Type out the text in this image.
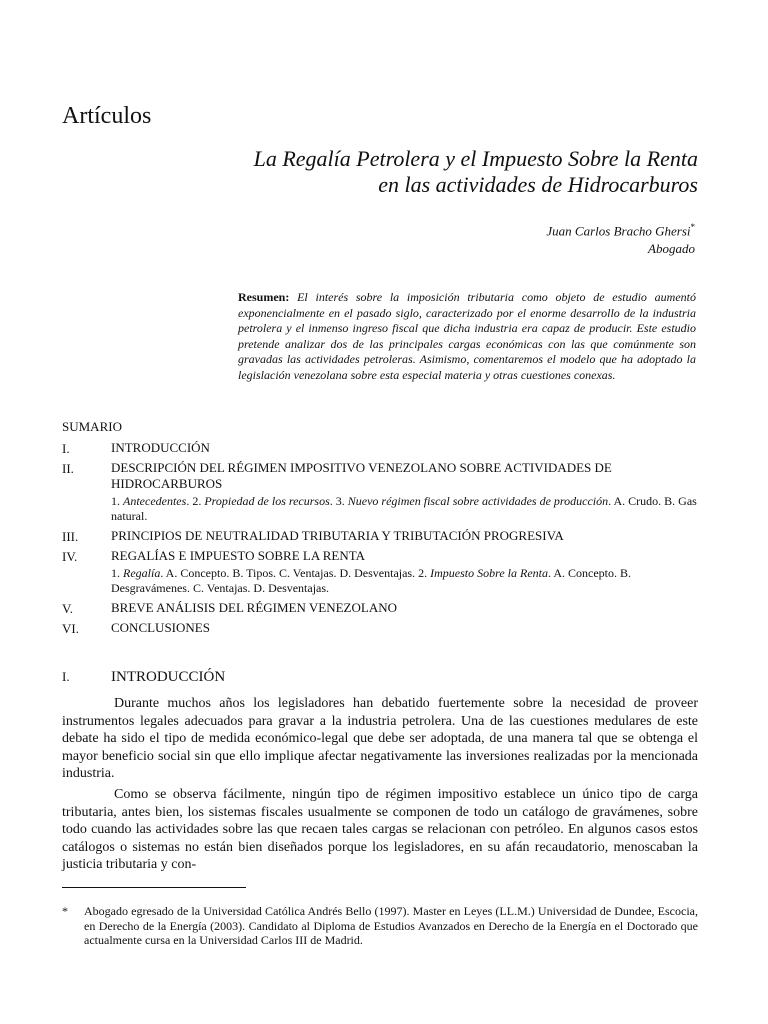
Artículos
La Regalía Petrolera y el Impuesto Sobre la Renta
en las actividades de Hidrocarburos
Juan Carlos Bracho Ghersi*
Abogado
Resumen: El interés sobre la imposición tributaria como objeto de estudio aumentó exponencialmente en el pasado siglo, caracterizado por el enorme desarrollo de la industria petrolera y el inmenso ingreso fiscal que dicha industria era capaz de producir. Este estudio pretende analizar dos de las principales cargas económicas con las que comúnmente son gravadas las actividades petroleras. Asimismo, comentaremos el modelo que ha adoptado la legislación venezolana sobre esta especial materia y otras cuestiones conexas.
SUMARIO
I.	INTRODUCCIÓN
II.	DESCRIPCIÓN DEL RÉGIMEN IMPOSITIVO VENEZOLANO SOBRE ACTIVIDADES DE HIDROCARBUROS
1. Antecedentes. 2. Propiedad de los recursos. 3. Nuevo régimen fiscal sobre actividades de producción. A. Crudo. B. Gas natural.
III.	PRINCIPIOS DE NEUTRALIDAD TRIBUTARIA Y TRIBUTACIÓN PROGRESIVA
IV.	REGALÍAS E IMPUESTO SOBRE LA RENTA
1. Regalía. A. Concepto. B. Tipos. C. Ventajas. D. Desventajas. 2. Impuesto Sobre la Renta. A. Concepto. B. Desgravámenes. C. Ventajas. D. Desventajas.
V.	BREVE ANÁLISIS DEL RÉGIMEN VENEZOLANO
VI. CONCLUSIONES
I.	INTRODUCCIÓN

Durante muchos años los legisladores han debatido fuertemente sobre la necesidad de proveer instrumentos legales adecuados para gravar a la industria petrolera. Una de las cuestiones medulares de este debate ha sido el tipo de medida económico-legal que debe ser adoptada, de una manera tal que se obtenga el mayor beneficio social sin que ello implique afectar negativamente las inversiones realizadas por la mencionada industria.

Como se observa fácilmente, ningún tipo de régimen impositivo establece un único tipo de carga tributaria, antes bien, los sistemas fiscales usualmente se componen de todo un catálogo de gravámenes, sobre todo cuando las actividades sobre las que recaen tales cargas se relacionan con petróleo. En algunos casos estos catálogos o sistemas no están bien diseñados porque los legisladores, en su afán recaudatorio, menoscaban la justicia tributaria y con-

*	Abogado egresado de la Universidad Católica Andrés Bello (1997). Master en Leyes (LL.M.) Universidad de Dundee, Escocia, en Derecho de la Energía (2003). Candidato al Diploma de Estudios Avanzados en Derecho de la Energía en el Doctorado que actualmente cursa en la Universidad Carlos III de Madrid.
